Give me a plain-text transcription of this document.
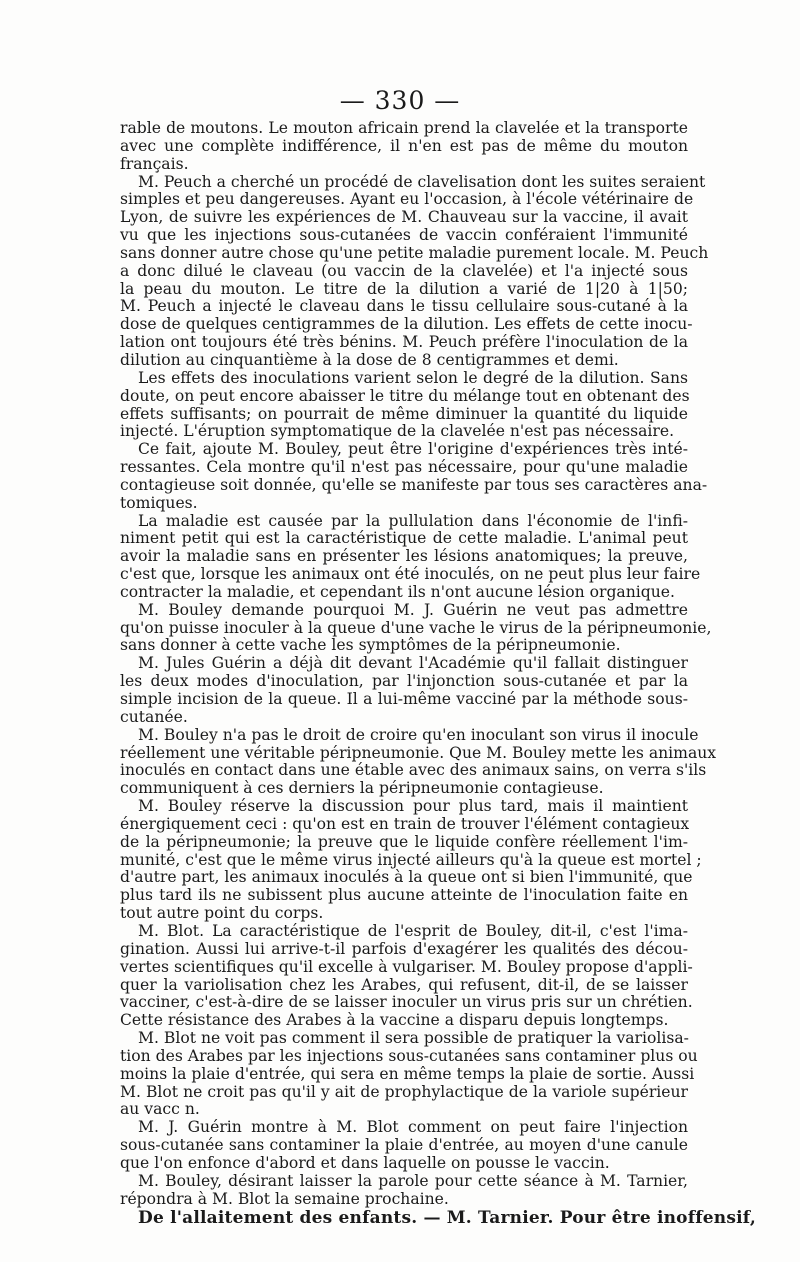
— 330 —
rable de moutons. Le mouton africain prend la clavelée et la transporte
avec une complète indifférence, il n'en est pas de même du mouton
français.
M. Peuch a cherché un procédé de clavelisation dont les suites seraient
simples et peu dangereuses. Ayant eu l'occasion, à l'école vétérinaire de
Lyon, de suivre les expériences de M. Chauveau sur la vaccine, il avait
vu que les injections sous-cutanées de vaccin conféraient l'immunité
sans donner autre chose qu'une petite maladie purement locale. M. Peuch
a donc dilué le claveau (ou vaccin de la clavelée) et l'a injecté sous
la peau du mouton. Le titre de la dilution a varié de 1|20 à 1|50;
M. Peuch a injecté le claveau dans le tissu cellulaire sous-cutané à la
dose de quelques centigrammes de la dilution. Les effets de cette inocu-
lation ont toujours été très bénins. M. Peuch préfère l'inoculation de la
dilution au cinquantième à la dose de 8 centigrammes et demi.
Les effets des inoculations varient selon le degré de la dilution. Sans
doute, on peut encore abaisser le titre du mélange tout en obtenant des
effets suffisants; on pourrait de même diminuer la quantité du liquide
injecté. L'éruption symptomatique de la clavelée n'est pas nécessaire.
Ce fait, ajoute M. Bouley, peut être l'origine d'expériences très inté-
ressantes. Cela montre qu'il n'est pas nécessaire, pour qu'une maladie
contagieuse soit donnée, qu'elle se manifeste par tous ses caractères ana-
tomiques.
La maladie est causée par la pullulation dans l'économie de l'infi-
niment petit qui est la caractéristique de cette maladie. L'animal peut
avoir la maladie sans en présenter les lésions anatomiques; la preuve,
c'est que, lorsque les animaux ont été inoculés, on ne peut plus leur faire
contracter la maladie, et cependant ils n'ont aucune lésion organique.
M. Bouley demande pourquoi M. J. Guérin ne veut pas admettre
qu'on puisse inoculer à la queue d'une vache le virus de la péripneumonie,
sans donner à cette vache les symptômes de la péripneumonie.
M. Jules Guérin a déjà dit devant l'Académie qu'il fallait distinguer
les deux modes d'inoculation, par l'injonction sous-cutanée et par la
simple incision de la queue. Il a lui-même vacciné par la méthode sous-
cutanée.
M. Bouley n'a pas le droit de croire qu'en inoculant son virus il inocule
réellement une véritable péripneumonie. Que M. Bouley mette les animaux
inoculés en contact dans une étable avec des animaux sains, on verra s'ils
communiquent à ces derniers la péripneumonie contagieuse.
M. Bouley réserve la discussion pour plus tard, mais il maintient
énergiquement ceci : qu'on est en train de trouver l'élément contagieux
de la péripneumonie; la preuve que le liquide confère réellement l'im-
munité, c'est que le même virus injecté ailleurs qu'à la queue est mortel ;
d'autre part, les animaux inoculés à la queue ont si bien l'immunité, que
plus tard ils ne subissent plus aucune atteinte de l'inoculation faite en
tout autre point du corps.
M. Blot. La caractéristique de l'esprit de Bouley, dit-il, c'est l'ima-
gination. Aussi lui arrive-t-il parfois d'exagérer les qualités des décou-
vertes scientifiques qu'il excelle à vulgariser. M. Bouley propose d'appli-
quer la variolisation chez les Arabes, qui refusent, dit-il, de se laisser
vacciner, c'est-à-dire de se laisser inoculer un virus pris sur un chrétien.
Cette résistance des Arabes à la vaccine a disparu depuis longtemps.
M. Blot ne voit pas comment il sera possible de pratiquer la variolisa-
tion des Arabes par les injections sous-cutanées sans contaminer plus ou
moins la plaie d'entrée, qui sera en même temps la plaie de sortie. Aussi
M. Blot ne croit pas qu'il y ait de prophylactique de la variole supérieur
au vacc n.
M. J. Guérin montre à M. Blot comment on peut faire l'injection
sous-cutanée sans contaminer la plaie d'entrée, au moyen d'une canule
que l'on enfonce d'abord et dans laquelle on pousse le vaccin.
M. Bouley, désirant laisser la parole pour cette séance à M. Tarnier,
répondra à M. Blot la semaine prochaine.
De l'allaitement des enfants. — M. Tarnier. Pour être inoffensif,
